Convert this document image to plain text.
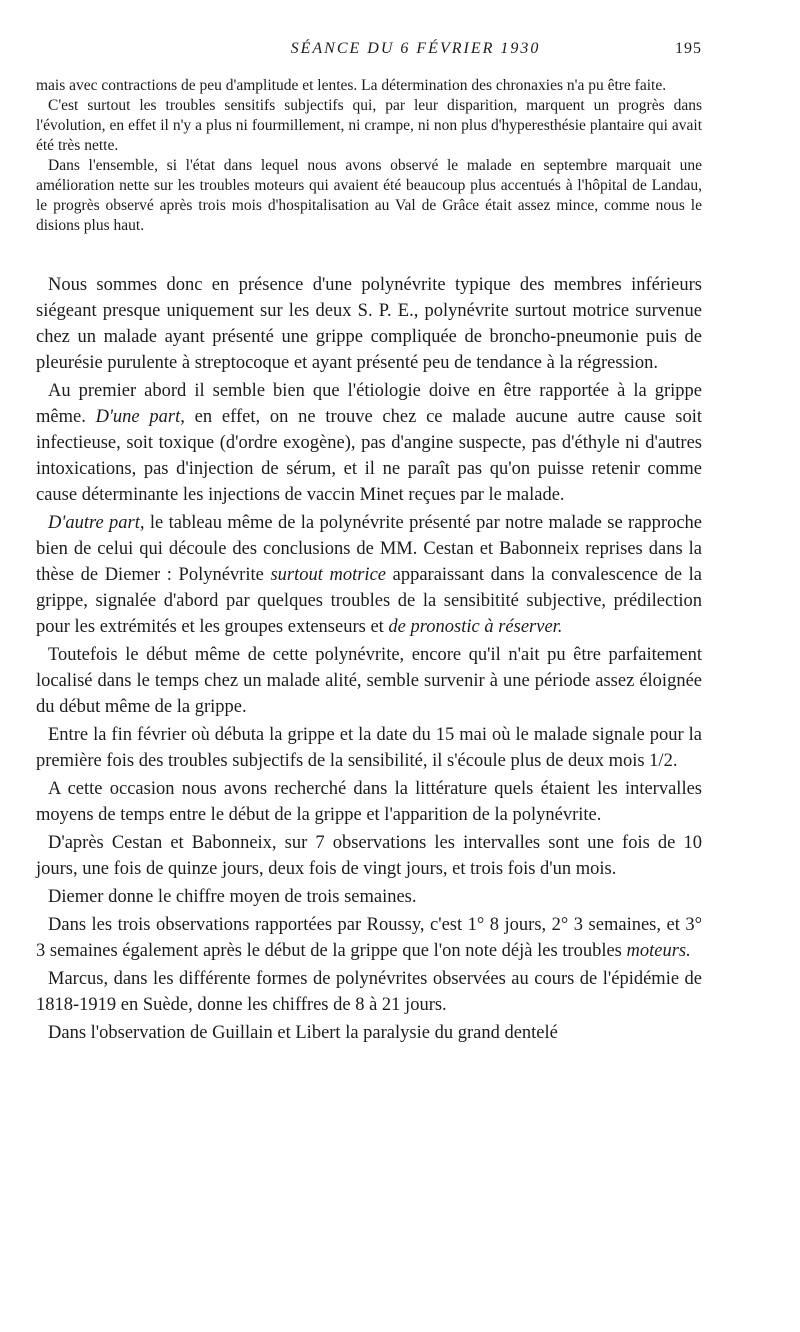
SÉANCE DU 6 FÉVRIER 1930	195

mais avec contractions de peu d'amplitude et lentes. La détermination des chronaxies n'a pu être faite.

C'est surtout les troubles sensitifs subjectifs qui, par leur disparition, marquent un progrès dans l'évolution, en effet il n'y a plus ni fourmillement, ni crampe, ni non plus d'hyperesthésie plantaire qui avait été très nette.

Dans l'ensemble, si l'état dans lequel nous avons observé le malade en septembre marquait une amélioration nette sur les troubles moteurs qui avaient été beaucoup plus accentués à l'hôpital de Landau, le progrès observé après trois mois d'hospitalisation au Val de Grâce était assez mince, comme nous le disions plus haut.

Nous sommes donc en présence d'une polynévrite typique des membres inférieurs siégeant presque uniquement sur les deux S. P. E., polynévrite surtout motrice survenue chez un malade ayant présenté une grippe compliquée de broncho-pneumonie puis de pleurésie purulente à streptocoque et ayant présenté peu de tendance à la régression.

Au premier abord il semble bien que l'étiologie doive en être rapportée à la grippe même. D'une part, en effet, on ne trouve chez ce malade aucune autre cause soit infectieuse, soit toxique (d'ordre exogène), pas d'angine suspecte, pas d'éthyle ni d'autres intoxications, pas d'injection de sérum, et il ne paraît pas qu'on puisse retenir comme cause déterminante les injections de vaccin Minet reçues par le malade.

D'autre part, le tableau même de la polynévrite présenté par notre malade se rapproche bien de celui qui découle des conclusions de MM. Cestan et Babonneix reprises dans la thèse de Diemer : Polynévrite surtout motrice apparaissant dans la convalescence de la grippe, signalée d'abord par quelques troubles de la sensibitité subjective, prédilection pour les extrémités et les groupes extenseurs et de pronostic à réserver.

Toutefois le début même de cette polynévrite, encore qu'il n'ait pu être parfaitement localisé dans le temps chez un malade alité, semble survenir à une période assez éloignée du début même de la grippe.

Entre la fin février où débuta la grippe et la date du 15 mai où le malade signale pour la première fois des troubles subjectifs de la sensibilité, il s'écoule plus de deux mois 1/2.

A cette occasion nous avons recherché dans la littérature quels étaient les intervalles moyens de temps entre le début de la grippe et l'apparition de la polynévrite.

D'après Cestan et Babonneix, sur 7 observations les intervalles sont une fois de 10 jours, une fois de quinze jours, deux fois de vingt jours, et trois fois d'un mois.

Diemer donne le chiffre moyen de trois semaines.

Dans les trois observations rapportées par Roussy, c'est 1° 8 jours, 2° 3 semaines, et 3° 3 semaines également après le début de la grippe que l'on note déjà les troubles moteurs.

Marcus, dans les différente formes de polynévrites observées au cours de l'épidémie de 1818-1919 en Suède, donne les chiffres de 8 à 21 jours.

Dans l'observation de Guillain et Libert la paralysie du grand dentelé
